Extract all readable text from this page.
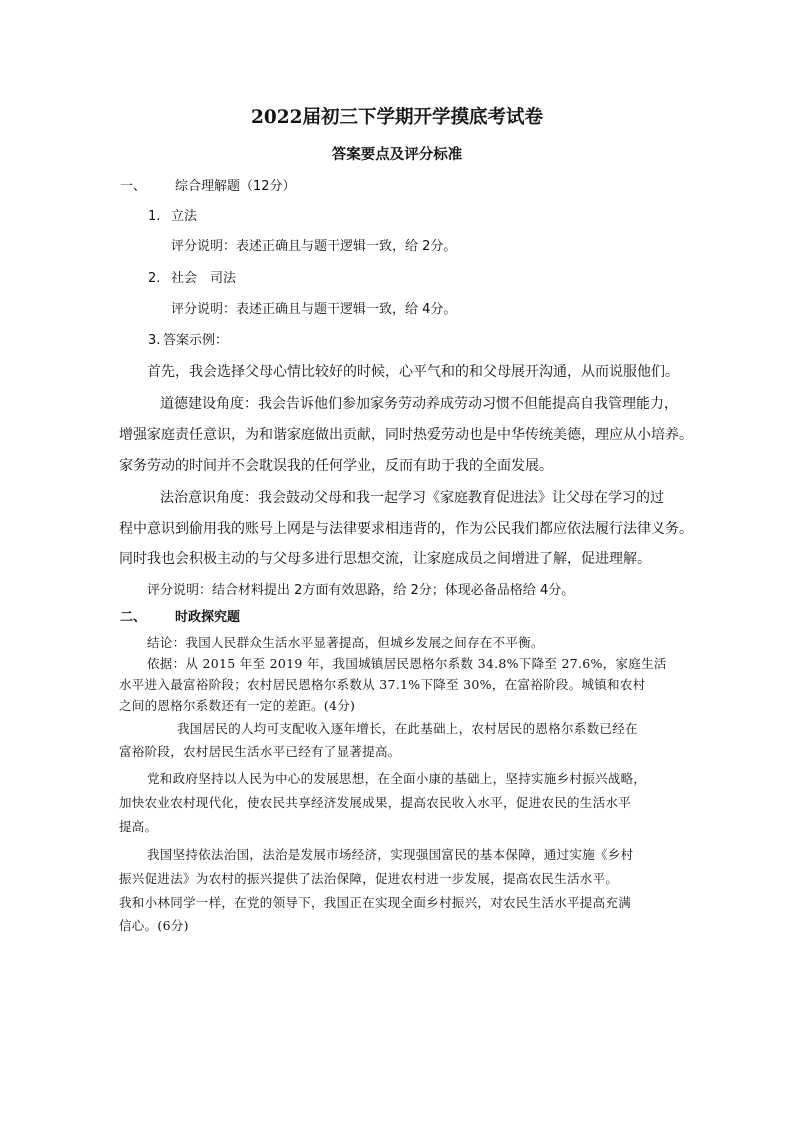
2022届初三下学期开学摸底考试卷
答案要点及评分标准
一、 综合理解题（12分）
1. 立法
评分说明：表述正确且与题干逻辑一致，给 2分。
2. 社会　司法
评分说明：表述正确且与题干逻辑一致，给 4分。
3. 答案示例：
首先，我会选择父母心情比较好的时候，心平气和的和父母展开沟通，从而说服他们。
道德建设角度：我会告诉他们参加家务劳动养成劳动习惯不但能提高自我管理能力，
增强家庭责任意识，为和谐家庭做出贡献，同时热爱劳动也是中华传统美德，理应从小培养。
家务劳动的时间并不会耽误我的任何学业，反而有助于我的全面发展。
法治意识角度：我会鼓动父母和我一起学习《家庭教育促进法》让父母在学习的过
程中意识到偷用我的账号上网是与法律要求相违背的，作为公民我们都应依法履行法律义务。
同时我也会积极主动的与父母多进行思想交流，让家庭成员之间增进了解，促进理解。
评分说明：结合材料提出 2方面有效思路，给 2分；体现必备品格给 4分。
二、 时政探究题
结论：我国人民群众生活水平显著提高，但城乡发展之间存在不平衡。
依据：从 2015 年至 2019 年，我国城镇居民恩格尔系数 34.8%下降至 27.6%，家庭生活
水平进入最富裕阶段；农村居民恩格尔系数从 37.1%下降至 30%，在富裕阶段。城镇和农村
之间的恩格尔系数还有一定的差距。(4分)
我国居民的人均可支配收入逐年增长，在此基础上，农村居民的恩格尔系数已经在
富裕阶段，农村居民生活水平已经有了显著提高。
党和政府坚持以人民为中心的发展思想，在全面小康的基础上，坚持实施乡村振兴战略，
加快农业农村现代化，使农民共享经济发展成果，提高农民收入水平，促进农民的生活水平
提高。
我国坚持依法治国，法治是发展市场经济，实现强国富民的基本保障，通过实施《乡村
振兴促进法》为农村的振兴提供了法治保障，促进农村进一步发展，提高农民生活水平。
我和小林同学一样，在党的领导下，我国正在实现全面乡村振兴，对农民生活水平提高充满
信心。(6分)
